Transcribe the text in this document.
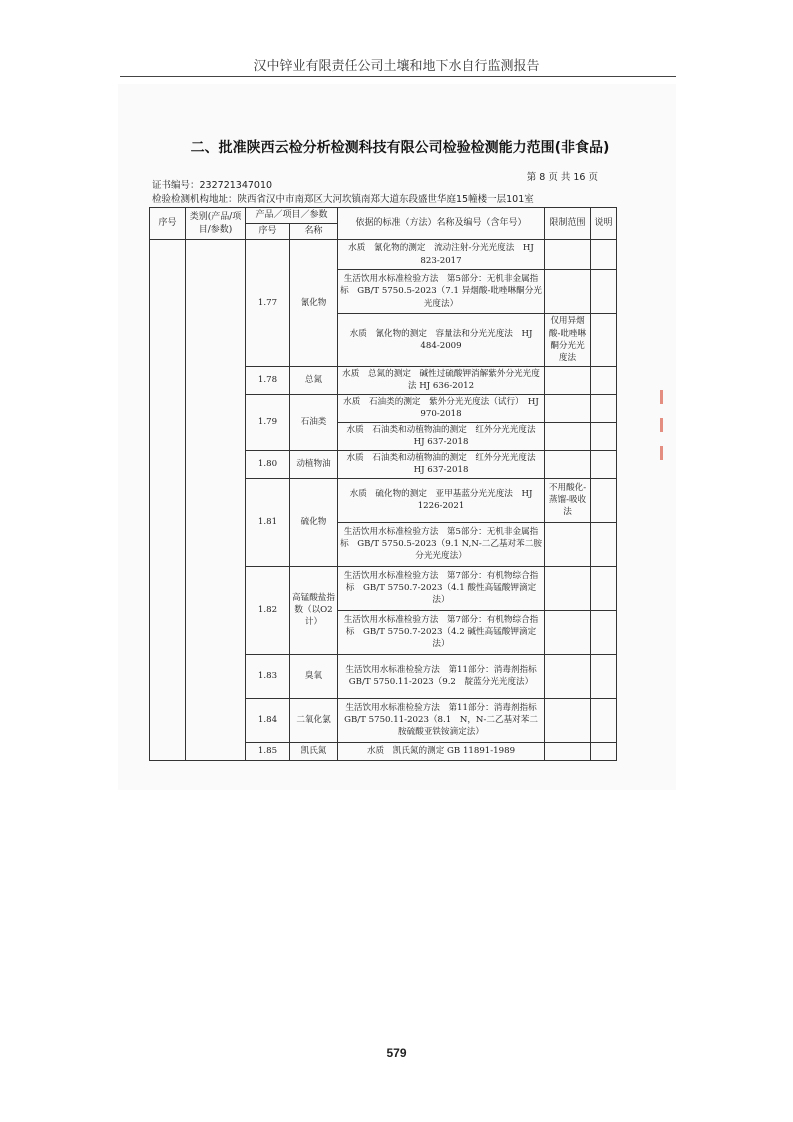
汉中锌业有限责任公司土壤和地下水自行监测报告
二、批准陕西云检分析检测科技有限公司检验检测能力范围(非食品)
证书编号：232721347010
第 8 页 共 16 页
检验检测机构地址：陕西省汉中市南郑区大河坎镇南郑大道东段盛世华庭15幢楼一层101室
序号	类别(产品/项目/参数)	产品／项目／参数		依据的标准（方法）名称及编号（含年号）	限制范围	说明
		序号	名称			
		1.77	氰化物	水质　氰化物的测定　流动注射-分光光度法　HJ 823-2017		
				生活饮用水标准检验方法　第5部分：无机非金属指标　GB/T 5750.5-2023（7.1 异烟酸-吡唑啉酮分光光度法）		
				水质　氰化物的测定　容量法和分光光度法　HJ 484-2009	仅用异烟酸-吡唑啉酮分光光度法	
		1.78	总氮	水质　总氮的测定　碱性过硫酸钾消解紫外分光光度法 HJ 636-2012		
		1.79	石油类	水质　石油类的测定　紫外分光光度法（试行）　HJ 970-2018		
				水质　石油类和动植物油的测定　红外分光光度法　HJ 637-2018		
		1.80	动植物油	水质　石油类和动植物油的测定　红外分光光度法　HJ 637-2018		
		1.81	硫化物	水质　硫化物的测定　亚甲基蓝分光光度法　HJ 1226-2021	不用酸化-蒸馏-吸收法	
				生活饮用水标准检验方法　第5部分：无机非金属指标　GB/T 5750.5-2023（9.1 N,N-二乙基对苯二胺分光光度法）		
		1.82	高锰酸盐指数（以O2计）	生活饮用水标准检验方法　第7部分：有机物综合指标　GB/T 5750.7-2023（4.1 酸性高锰酸钾滴定法）		
				生活饮用水标准检验方法　第7部分：有机物综合指标　GB/T 5750.7-2023（4.2 碱性高锰酸钾滴定法）		
		1.83	臭氧	生活饮用水标准检验方法　第11部分：消毒剂指标　GB/T 5750.11-2023（9.2　靛蓝分光光度法）		
		1.84	二氧化氯	生活饮用水标准检验方法　第11部分：消毒剂指标　GB/T 5750.11-2023（8.1　N，N-二乙基对苯二胺硫酸亚铁铵滴定法）		
		1.85	凯氏氮	水质　凯氏氮的测定 GB 11891-1989		
579
